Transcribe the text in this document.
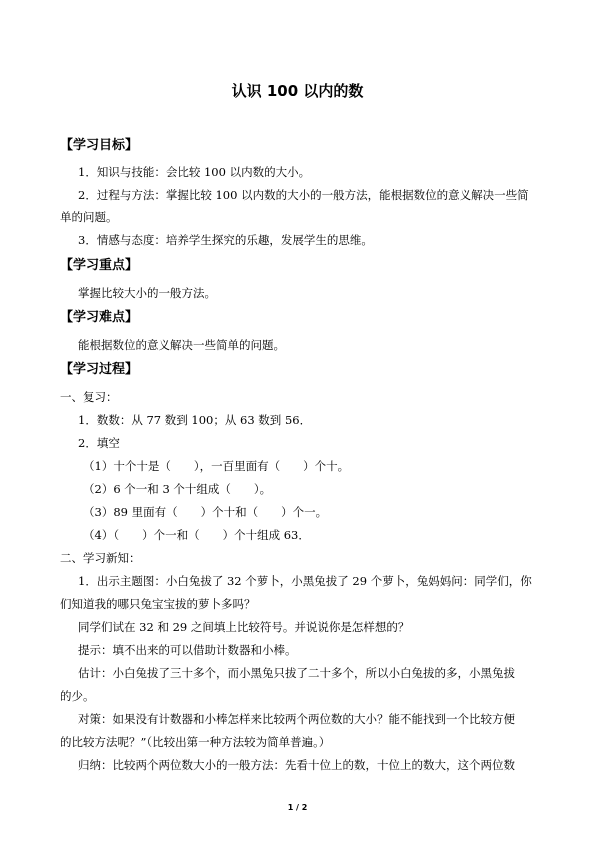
认识 100 以内的数
【学习目标】
1．知识与技能：会比较 100 以内数的大小。
2．过程与方法：掌握比较 100 以内数的大小的一般方法，能根据数位的意义解决一些简
单的问题。
3．情感与态度：培养学生探究的乐趣，发展学生的思维。
【学习重点】
掌握比较大小的一般方法。
【学习难点】
能根据数位的意义解决一些简单的问题。
【学习过程】
一、复习：
1．数数：从 77 数到 100；从 63 数到 56．
2．填空
（1）十个十是（　　），一百里面有（　　）个十。
（2）6 个一和 3 个十组成（　　）。
（3）89 里面有（　　）个十和（　　）个一。
（4）（　　）个一和（　　）个十组成 63．
二、学习新知：
1．出示主题图：小白兔拔了 32 个萝卜，小黑兔拔了 29 个萝卜，兔妈妈问：同学们，你
们知道我的哪只兔宝宝拔的萝卜多吗？
同学们试在 32 和 29 之间填上比较符号。并说说你是怎样想的？
提示：填不出来的可以借助计数器和小棒。
估计：小白兔拔了三十多个，而小黑兔只拔了二十多个，所以小白兔拔的多，小黑兔拔
的少。
对策：如果没有计数器和小棒怎样来比较两个两位数的大小？能不能找到一个比较方便
的比较方法呢？”（比较出第一种方法较为简单普遍。）
归纳：比较两个两位数大小的一般方法：先看十位上的数，十位上的数大，这个两位数
1 / 2
